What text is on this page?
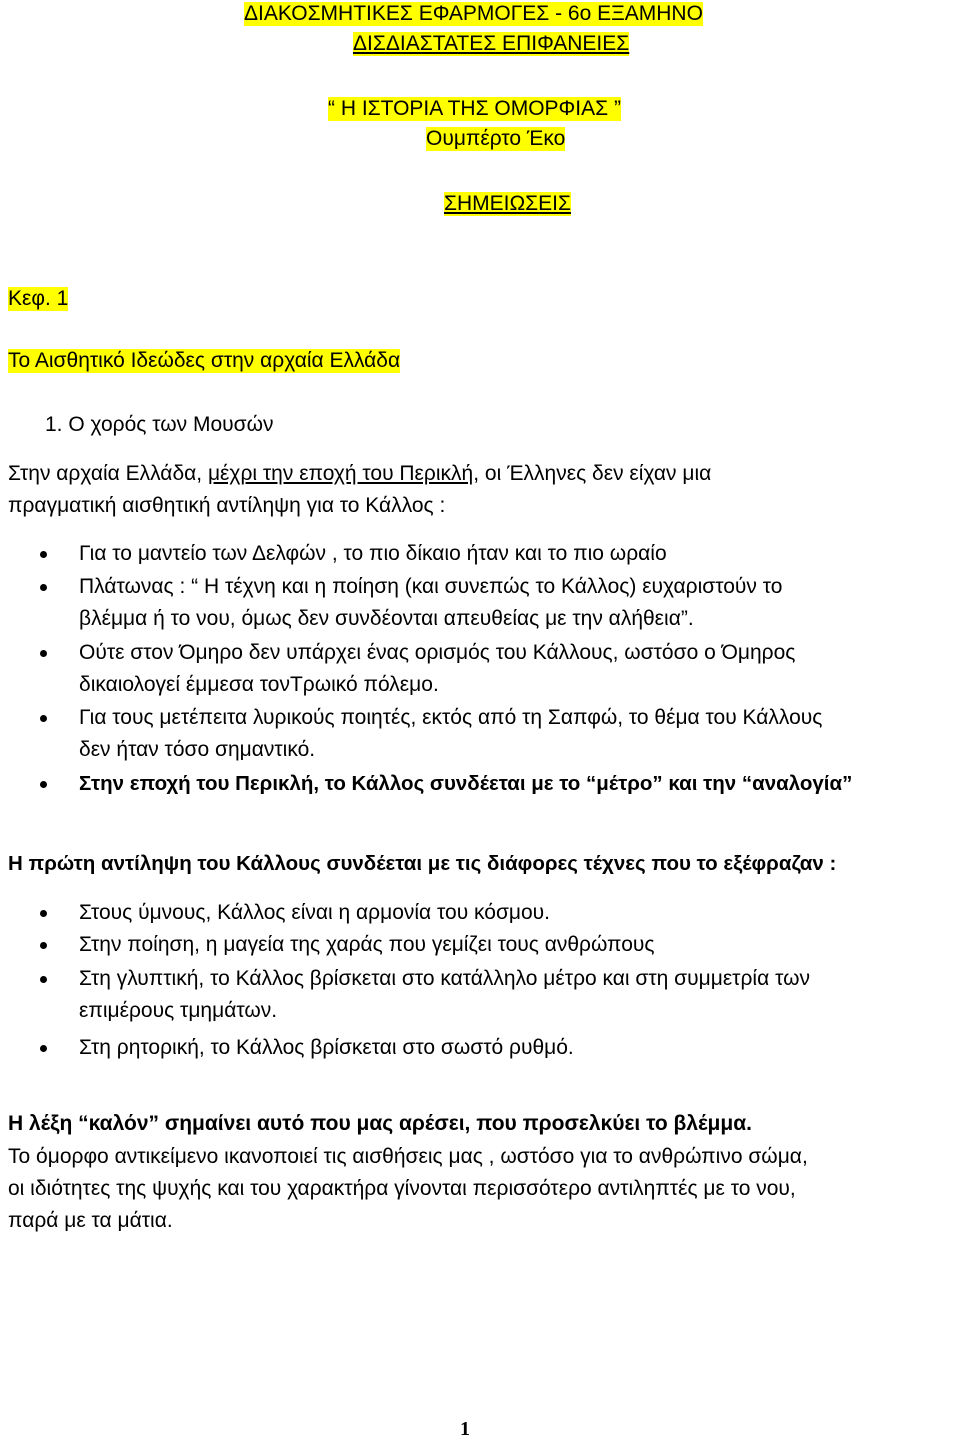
ΔΙΑΚΟΣΜΗΤΙΚΕΣ ΕΦΑΡΜΟΓΕΣ - 6ο ΕΞΑΜΗΝΟ
ΔΙΣΔΙΑΣΤΑΤΕΣ ΕΠΙΦΑΝΕΙΕΣ
“ Η ΙΣΤΟΡΙΑ ΤΗΣ ΟΜΟΡΦΙΑΣ ”
Ουμπέρτο Έκο
ΣΗΜΕΙΩΣΕΙΣ
Κεφ. 1
Το Αισθητικό Ιδεώδες στην αρχαία Ελλάδα
1. Ο χορός των Μουσών
Στην αρχαία Ελλάδα, μέχρι την εποχή του Περικλή, οι Έλληνες δεν είχαν μια
πραγματική αισθητική αντίληψη για το Κάλλος :
Για το μαντείο των Δελφών , το πιο δίκαιο ήταν και το πιο ωραίο
Πλάτωνας : “ Η τέχνη και η ποίηση (και συνεπώς το Κάλλος) ευχαριστούν το
βλέμμα ή το νου, όμως δεν συνδέονται απευθείας με την αλήθεια”.
Ούτε στον Όμηρο δεν υπάρχει ένας ορισμός του Κάλλους, ωστόσο ο Όμηρος
δικαιολογεί έμμεσα τονΤρωικό πόλεμο.
Για τους μετέπειτα λυρικούς ποιητές, εκτός από τη Σαπφώ, το θέμα του Κάλλους
δεν ήταν τόσο σημαντικό.
Στην εποχή του Περικλή, το Κάλλος συνδέεται με το “μέτρο” και την “αναλογία”
Η πρώτη αντίληψη του Κάλλους συνδέεται με τις διάφορες τέχνες που το εξέφραζαν :
Στους ύμνους, Κάλλος είναι η αρμονία του κόσμου.
Στην ποίηση, η μαγεία της χαράς που γεμίζει τους ανθρώπους
Στη γλυπτική, το Κάλλος βρίσκεται στο κατάλληλο μέτρο και στη συμμετρία των
επιμέρους τμημάτων.
Στη ρητορική, το Κάλλος βρίσκεται στο σωστό ρυθμό.
Η λέξη “καλόν” σημαίνει αυτό που μας αρέσει, που προσελκύει το βλέμμα.
Το όμορφο αντικείμενο ικανοποιεί τις αισθήσεις μας , ωστόσο για το ανθρώπινο σώμα,
οι ιδιότητες της ψυχής και του χαρακτήρα γίνονται περισσότερο αντιληπτές με το νου,
παρά με τα μάτια.
1
